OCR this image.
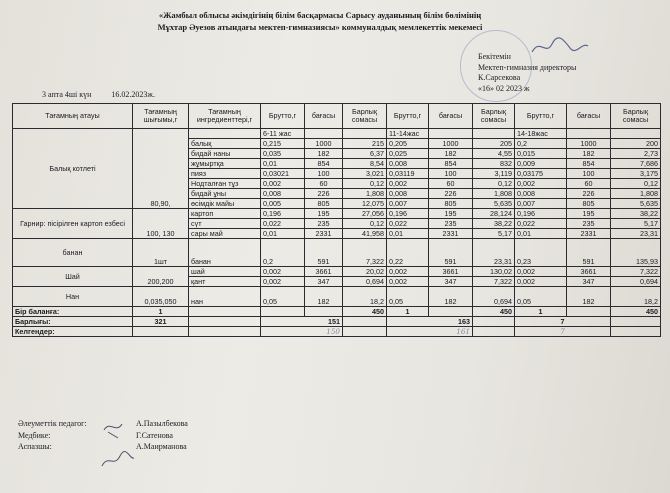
«Жамбыл облысы әкімдігінің білім басқармасы Сарысу ауданының білім бөлімінің
Мұхтар Әуезов атындағы мектеп-гимназиясы» коммуналдық мемлекеттік мекемесі
Бекітемін
Мектеп-гимназия директоры
К.Сарсекова
«16» 02 2023 ж
3 апта 4ші күн	16.02.2023ж.
Тағамның атауы	Тағамның шығымы,г	Тағамның ингредиенттері,г	Брутто,г	бағасы	Барлық сомасы	Брутто,г	бағасы	Барлық сомасы	Брутто,г	бағасы	Барлық сомасы
Балық котлеті	80,90,		6-11 жас			11-14жас			14-18жас		
		балық	0,215	1000	215	0,205	1000	205	0,2	1000	200
		бидай наны	0,035	182	6,37	0,025	182	4,55	0,015	182	2,73
		жұмыртқа	0,01	854	8,54	0,008	854	832	0,009	854	7,686
		пияз	0,03021	100	3,021	0,03119	100	3,119	0,03175	100	3,175
		Нодталған тұз	0,002	60	0,12	0,002	60	0,12	0,002	60	0,12
		бидай ұны	0,008	226	1,808	0,008	226	1,808	0,008	226	1,808
		өсімдік майы	0,005	805	12,075	0,007	805	5,635	0,007	805	5,635
Гарнир: пісірілген картоп езбесі	100, 130	картоп	0,196	195	27,056	0,196	195	28,124	0,196	195	38,22
		сүт	0,022	235	0,12	0,022	235	38,22	0,022	235	5,17
		сары май	0,01	2331	41,958	0,01	2331	5,17	0,01	2331	23,31
банан	1шт	банан	0,2	591	7,322	0,22	591	23,31	0,23	591	135,93
Шай	200,200	шай	0,002	3661	20,02	0,002	3661	130,02	0,002	3661	7,322
		қант	0,002	347	0,694	0,002	347	7,322	0,002	347	0,694
Нан	0,035,050	нан	0,05	182	18,2	0,05	182	0,694	0,05	182	18,2
Бір баланға:	1				450	1		450	1		450
Барлығы:	321		151			163			7		
Келгендер:			150			161			7		
Әлеуметтік педагог:	А.Пазылбекова
Медбике:	Г.Сатенова
Аспазшы:	А.Маирманова
